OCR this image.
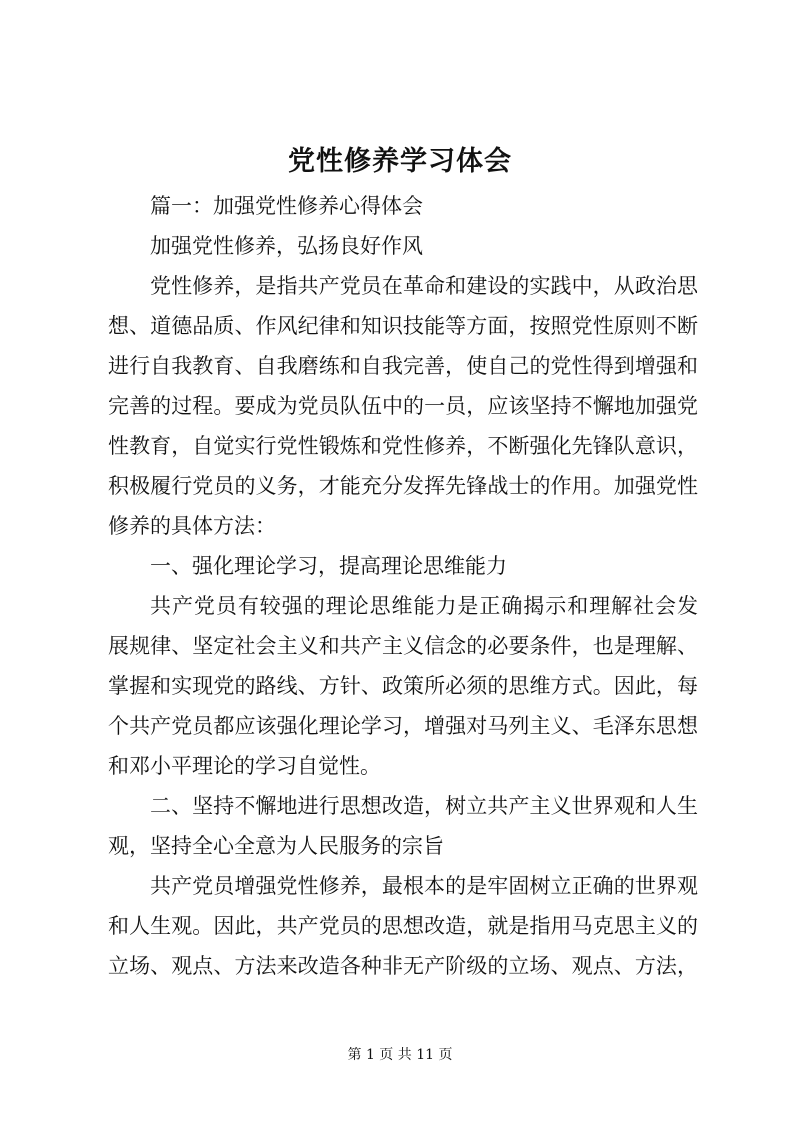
党性修养学习体会
篇一：加强党性修养心得体会
加强党性修养，弘扬良好作风
党性修养，是指共产党员在革命和建设的实践中，从政治思
想、道德品质、作风纪律和知识技能等方面，按照党性原则不断
进行自我教育、自我磨练和自我完善，使自己的党性得到增强和
完善的过程。要成为党员队伍中的一员，应该坚持不懈地加强党
性教育，自觉实行党性锻炼和党性修养，不断强化先锋队意识，
积极履行党员的义务，才能充分发挥先锋战士的作用。加强党性
修养的具体方法：
一、强化理论学习，提高理论思维能力
共产党员有较强的理论思维能力是正确揭示和理解社会发
展规律、坚定社会主义和共产主义信念的必要条件，也是理解、
掌握和实现党的路线、方针、政策所必须的思维方式。因此，每
个共产党员都应该强化理论学习，增强对马列主义、毛泽东思想
和邓小平理论的学习自觉性。
二、坚持不懈地进行思想改造，树立共产主义世界观和人生
观，坚持全心全意为人民服务的宗旨
共产党员增强党性修养，最根本的是牢固树立正确的世界观
和人生观。因此，共产党员的思想改造，就是指用马克思主义的
立场、观点、方法来改造各种非无产阶级的立场、观点、方法，
第 1 页 共 11 页
